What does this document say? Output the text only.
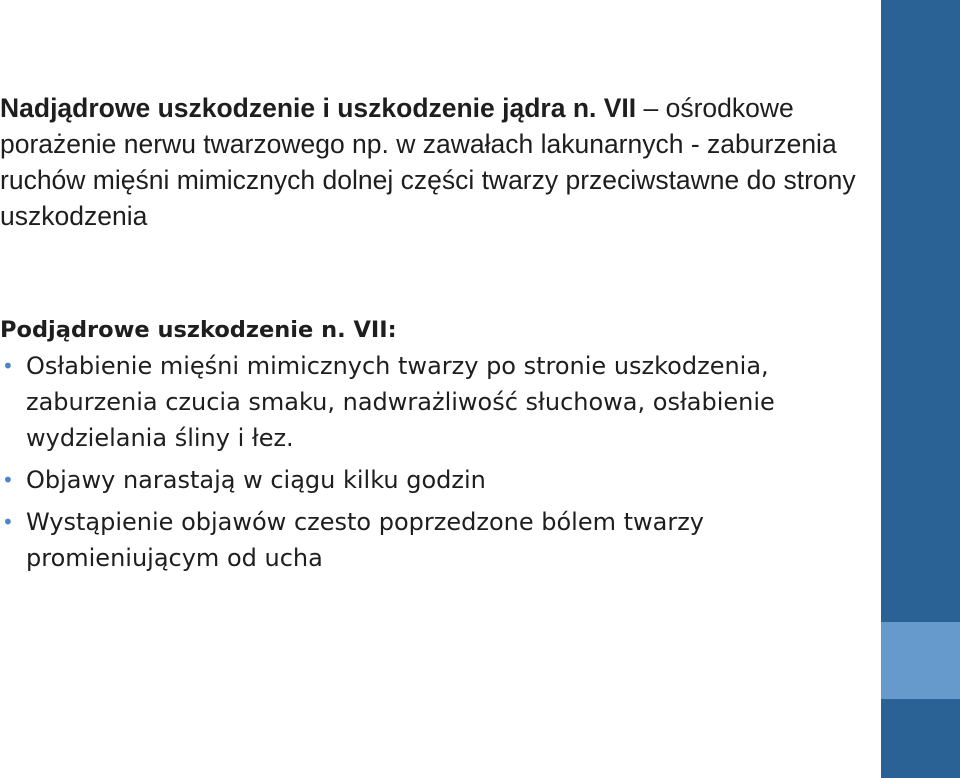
Nadjądrowe uszkodzenie i uszkodzenie jądra n. VII – ośrodkowe porażenie nerwu twarzowego np. w zawałach lakunarnych - zaburzenia ruchów mięśni mimicznych dolnej części twarzy przeciwstawne do strony uszkodzenia
Podjądrowe uszkodzenie n. VII:
• Osłabienie mięśni mimicznych twarzy po stronie uszkodzenia, zaburzenia czucia smaku, nadwrażliwość słuchowa, osłabienie wydzielania śliny i łez.
• Objawy narastają w ciągu kilku godzin
• Wystąpienie objawów czesto poprzedzone bólem twarzy promieniującym od ucha
